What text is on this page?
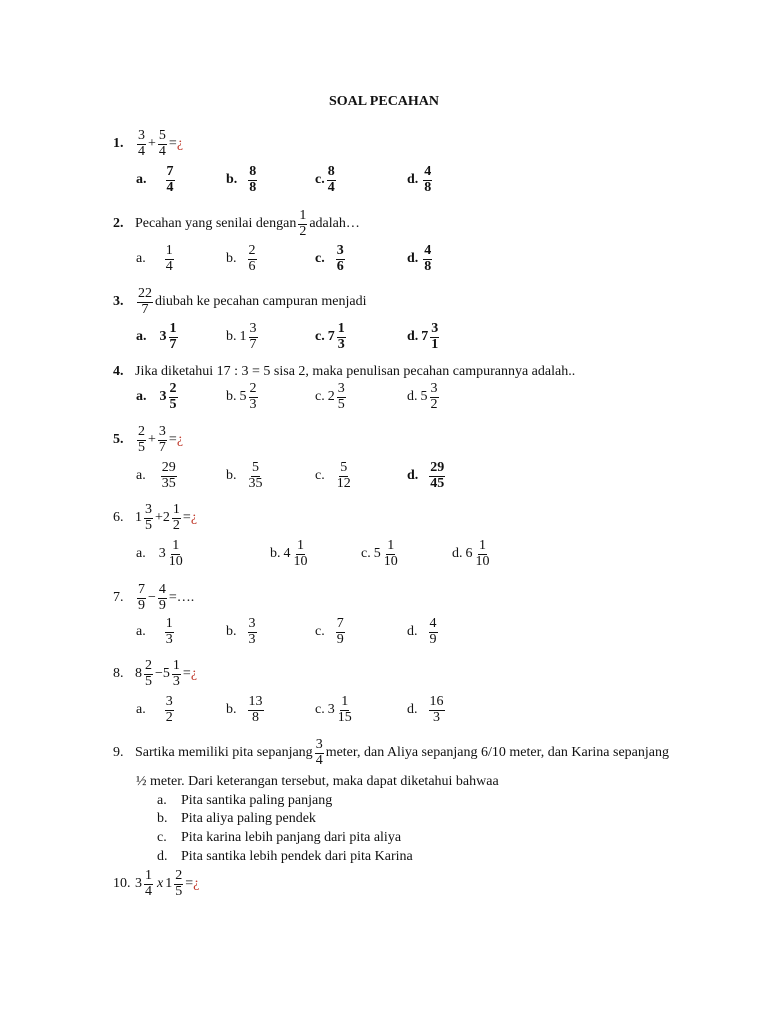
SOAL PECAHAN
1. $\frac{3}{4} + \frac{5}{4}$ = ¿
a. $\frac{7}{4}$	b. $\frac{8}{8}$	c. $\frac{8}{4}$	d. $\frac{4}{8}$
2. Pecahan yang senilai dengan $\frac{1}{2}$ adalah…
a. $\frac{1}{4}$	b. $\frac{2}{6}$	c. $\frac{3}{6}$	d. $\frac{4}{8}$
3. $\frac{22}{7}$ diubah ke pecahan campuran menjadi
a. $3 \frac{1}{7}$	b. $1 \frac{3}{7}$	c. $7 \frac{1}{3}$	d. $7 \frac{3}{1}$
4. Jika diketahui 17 : 3 = 5 sisa 2, maka penulisan pecahan campurannya adalah..
a. $3 \frac{2}{5}$	b. $5 \frac{2}{3}$	c. $2 \frac{3}{5}$	d. $5 \frac{3}{2}$
5. $\frac{2}{5} + \frac{3}{7}$ = ¿
a. $\frac{29}{35}$	b. $\frac{5}{35}$	c. $\frac{5}{12}$	d. $\frac{29}{45}$
6. $1 \frac{3}{5} + 2 \frac{1}{2}$ = ¿
a. $3 \frac{1}{10}$	b. $4 \frac{1}{10}$	c. $5 \frac{1}{10}$	d. $6 \frac{1}{10}$
7. $\frac{7}{9} - \frac{4}{9}$ =….
a. $\frac{1}{3}$	b. $\frac{3}{3}$	c. $\frac{7}{9}$	d. $\frac{4}{9}$
8. $8 \frac{2}{5} - 5 \frac{1}{3}$ = ¿
a. $\frac{3}{2}$	b. $\frac{13}{8}$	c. $3 \frac{1}{15}$	d. $\frac{16}{3}$
9. Sartika memiliki pita sepanjang $\frac{3}{4}$ meter, dan Aliya sepanjang 6/10 meter, dan Karina sepanjang
½ meter. Dari keterangan tersebut, maka dapat diketahui bahwaa
a. Pita santika paling panjang
b. Pita aliya paling pendek
c. Pita karina lebih panjang dari pita aliya
d. Pita santika lebih pendek dari pita Karina
10. $3 \frac{1}{4}$ x $1 \frac{2}{5}$ = ¿
